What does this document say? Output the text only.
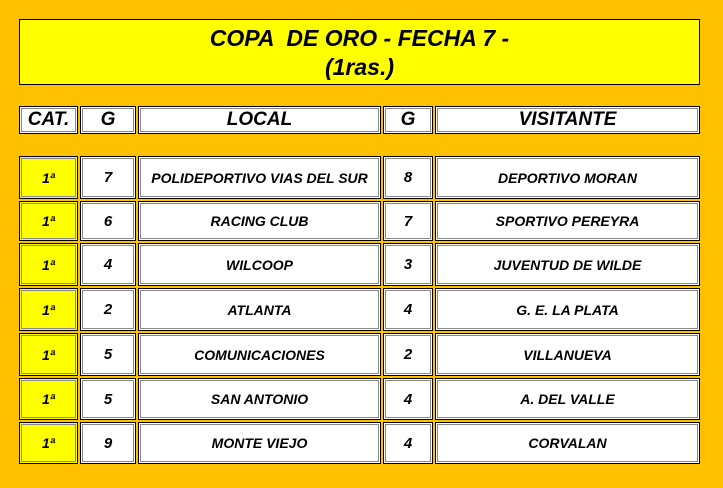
COPA  DE ORO - FECHA 7 -
(1ras.)
CAT.	G	LOCAL	G	VISITANTE
1ª	7	POLIDEPORTIVO VIAS DEL SUR	8	DEPORTIVO MORAN
1ª	6	RACING CLUB	7	SPORTIVO PEREYRA
1ª	4	WILCOOP	3	JUVENTUD DE WILDE
1ª	2	ATLANTA	4	G. E. LA PLATA
1ª	5	COMUNICACIONES	2	VILLANUEVA
1ª	5	SAN ANTONIO	4	A. DEL VALLE
1ª	9	MONTE VIEJO	4	CORVALAN
